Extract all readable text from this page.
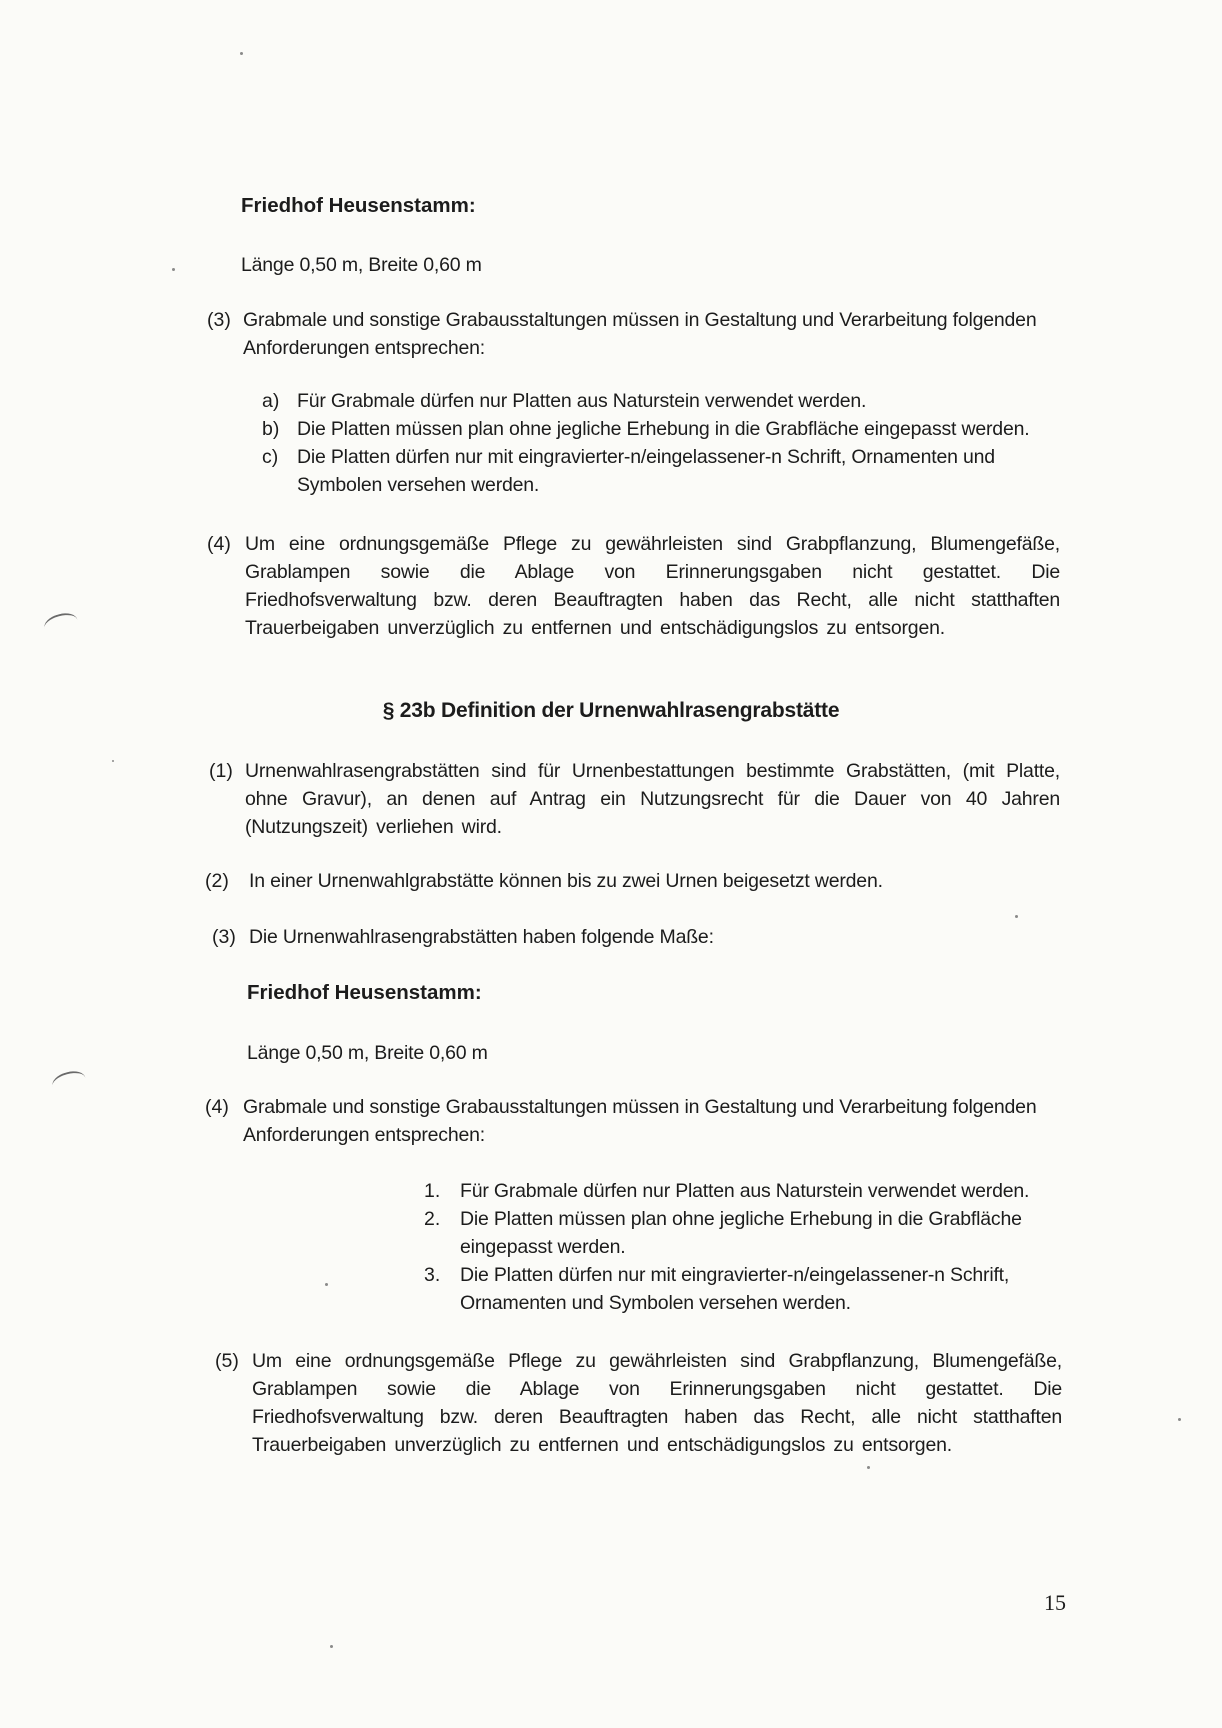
Friedhof Heusenstamm:
Länge 0,50 m, Breite 0,60 m
(3) Grabmale und sonstige Grabausstaltungen müssen in Gestaltung und Verarbeitung folgenden Anforderungen entsprechen:
a) Für Grabmale dürfen nur Platten aus Naturstein verwendet werden.
b) Die Platten müssen plan ohne jegliche Erhebung in die Grabfläche eingepasst werden.
c) Die Platten dürfen nur mit eingravierter-n/eingelassener-n Schrift, Ornamenten und Symbolen versehen werden.
(4) Um eine ordnungsgemäße Pflege zu gewährleisten sind Grabpflanzung, Blumengefäße, Grablampen sowie die Ablage von Erinnerungsgaben nicht gestattet. Die Friedhofsverwaltung bzw. deren Beauftragten haben das Recht, alle nicht statthaften Trauerbeigaben unverzüglich zu entfernen und entschädigungslos zu entsorgen.
§ 23b Definition der Urnenwahlrasengrabstätte
(1) Urnenwahlrasengrabstätten sind für Urnenbestattungen bestimmte Grabstätten, (mit Platte, ohne Gravur), an denen auf Antrag ein Nutzungsrecht für die Dauer von 40 Jahren (Nutzungszeit) verliehen wird.
(2) In einer Urnenwahlgrabstätte können bis zu zwei Urnen beigesetzt werden.
(3) Die Urnenwahlrasengrabstätten haben folgende Maße:
Friedhof Heusenstamm:
Länge 0,50 m, Breite 0,60 m
(4) Grabmale und sonstige Grabausstaltungen müssen in Gestaltung und Verarbeitung folgenden Anforderungen entsprechen:
1. Für Grabmale dürfen nur Platten aus Naturstein verwendet werden.
2. Die Platten müssen plan ohne jegliche Erhebung in die Grabfläche eingepasst werden.
3. Die Platten dürfen nur mit eingravierter-n/eingelassener-n Schrift, Ornamenten und Symbolen versehen werden.
(5) Um eine ordnungsgemäße Pflege zu gewährleisten sind Grabpflanzung, Blumengefäße, Grablampen sowie die Ablage von Erinnerungsgaben nicht gestattet. Die Friedhofsverwaltung bzw. deren Beauftragten haben das Recht, alle nicht statthaften Trauerbeigaben unverzüglich zu entfernen und entschädigungslos zu entsorgen.
15
